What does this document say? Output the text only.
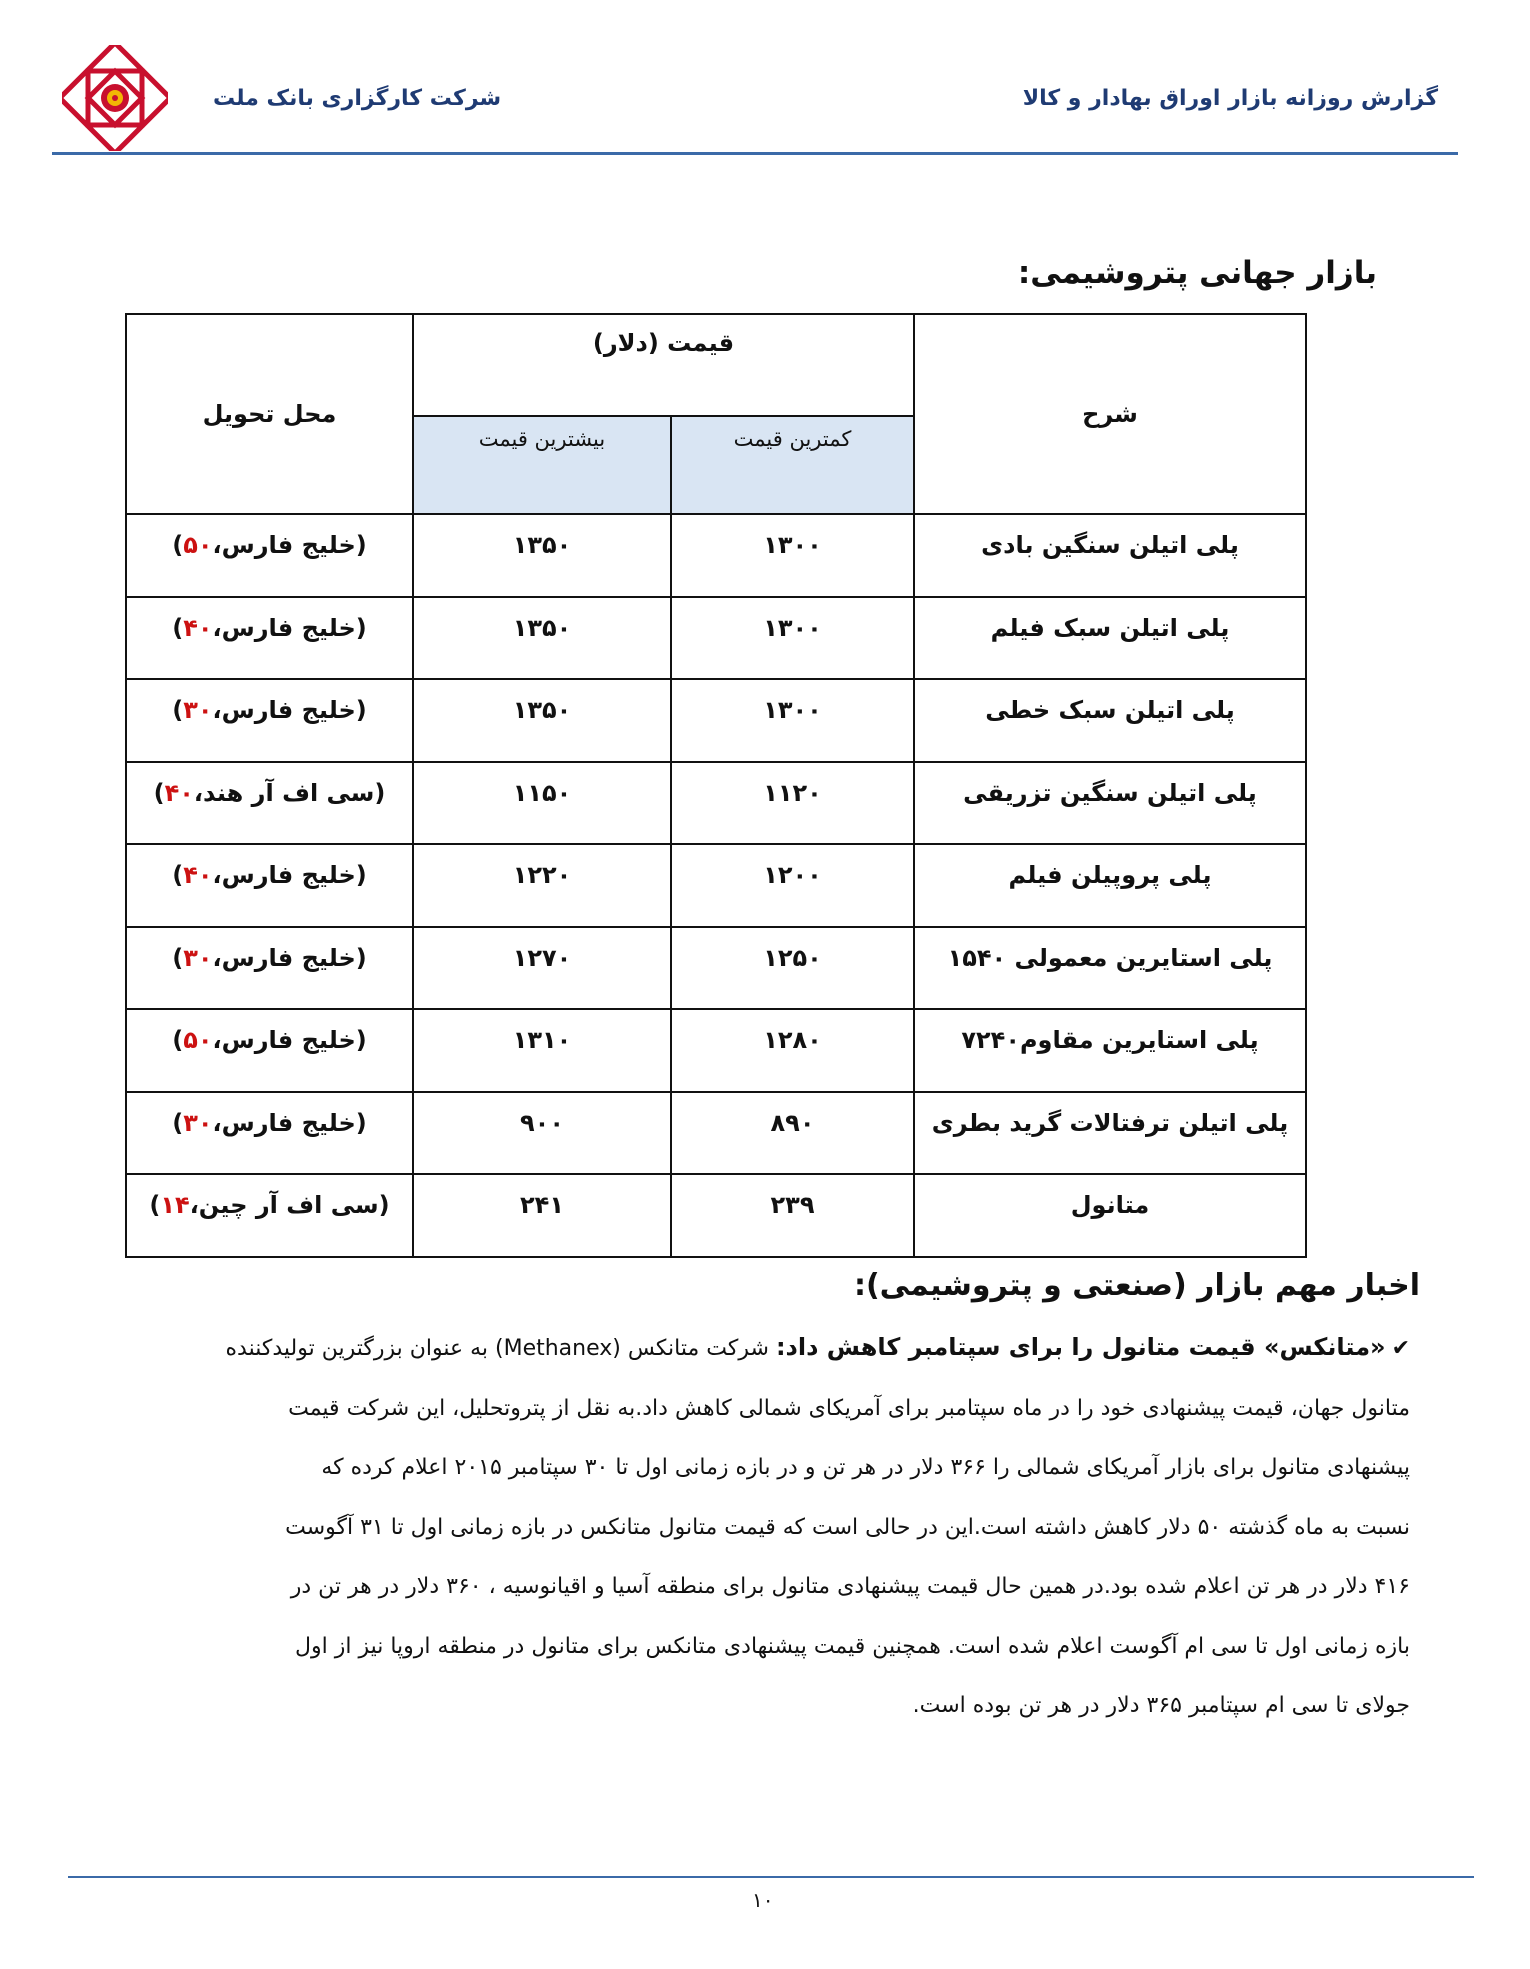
گزارش روزانه بازار اوراق بهادار و کالا
شرکت کارگزاری بانک ملت
بازار جهانی پتروشیمی:
شرح	قیمت (دلار)		محل تحویل
	کمترین قیمت	بیشترین قیمت	
پلی اتیلن سنگین بادی	۱۳۰۰	۱۳۵۰	(خلیج فارس،۵۰)
پلی اتیلن سبک فیلم	۱۳۰۰	۱۳۵۰	(خلیج فارس،۴۰)
پلی اتیلن سبک خطی	۱۳۰۰	۱۳۵۰	(خلیج فارس،۳۰)
پلی اتیلن سنگین تزریقی	۱۱۲۰	۱۱۵۰	(سی اف آر هند،۴۰)
پلی پروپیلن فیلم	۱۲۰۰	۱۲۲۰	(خلیج فارس،۴۰)
پلی استایرین معمولی ۱۵۴۰	۱۲۵۰	۱۲۷۰	(خلیج فارس،۳۰)
پلی استایرین مقاوم۷۲۴۰	۱۲۸۰	۱۳۱۰	(خلیج فارس،۵۰)
پلی اتیلن ترفتالات گرید بطری	۸۹۰	۹۰۰	(خلیج فارس،۳۰)
متانول	۲۳۹	۲۴۱	(سی اف آر چین،۱۴)
اخبار مهم بازار (صنعتی و پتروشیمی):
✔«متانکس» قیمت متانول را برای سپتامبر کاهش داد: شرکت متانکس (Methanex) به عنوان بزرگترین تولیدکننده
متانول جهان، قیمت پیشنهادی خود را در ماه سپتامبر برای آمریکای شمالی کاهش داد.به نقل از پتروتحلیل، این شرکت قیمت
پیشنهادی متانول برای بازار آمریکای شمالی را ۳۶۶ دلار در هر تن و در بازه زمانی اول تا ۳۰ سپتامبر ۲۰۱۵ اعلام کرده که
نسبت به ماه گذشته ۵۰ دلار کاهش داشته است.این در حالی است که قیمت متانول متانکس در بازه زمانی اول تا ۳۱ آگوست
۴۱۶ دلار در هر تن اعلام شده بود.در همین حال قیمت پیشنهادی متانول برای منطقه آسیا و اقیانوسیه ، ۳۶۰ دلار در هر تن در
بازه زمانی اول تا سی ام آگوست اعلام شده است. همچنین قیمت پیشنهادی متانکس برای متانول در منطقه اروپا نیز از اول
جولای تا سی ام سپتامبر ۳۶۵ دلار در هر تن بوده است.
۱۰
